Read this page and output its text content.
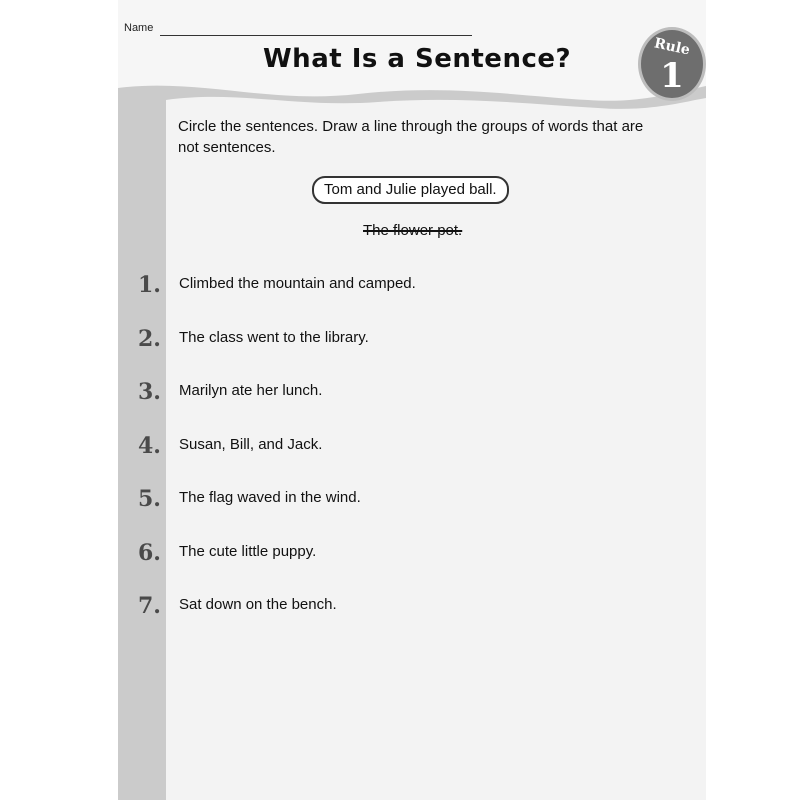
Name
What Is a Sentence?	Rule
1
Circle the sentences. Draw a line through the groups of words that are not sentences.
Tom and Julie played ball.
The flower pot.
1.	Climbed the mountain and camped.
2.	The class went to the library.
3.	Marilyn ate her lunch.
4.	Susan, Bill, and Jack.
5.	The flag waved in the wind.
6.	The cute little puppy.
7.	Sat down on the bench.
